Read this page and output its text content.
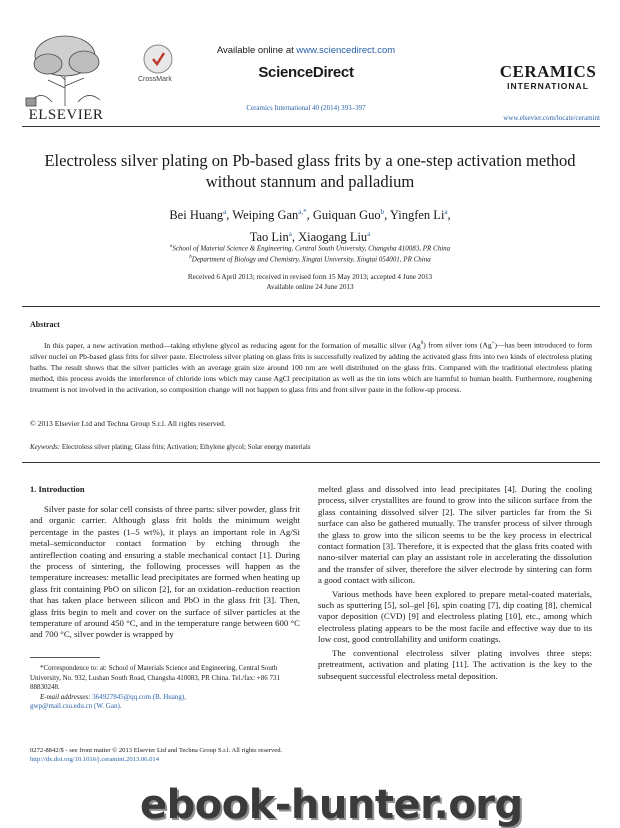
ELSEVIER
CrossMark
Available online at www.sciencedirect.com
ScienceDirect
Ceramics International 40 (2014) 393–397
CERAMICS
INTERNATIONAL
www.elsevier.com/locate/ceramint
Electroless silver plating on Pb-based glass frits by a one-step activation method without stannum and palladium
Bei Huang$^a$, Weiping Gan$^{a,*}$, Guiquan Guo$^b$, Yingfen Li$^a$,
Tao Lin$^a$, Xiaogang Liu$^a$
$^a$School of Material Science & Engineering, Central South University, Changsha 410083, PR China
$^b$Department of Biology and Chemistry, Xingtai University, Xingtai 054001, PR China
Received 6 April 2013; received in revised form 15 May 2013; accepted 4 June 2013
Available online 24 June 2013
Abstract
In this paper, a new activation method—taking ethylene glycol as reducing agent for the formation of metallic silver (Ag$^0$) from silver ions (Ag+)—has been introduced to form silver nuclei on Pb-based glass frits for silver paste. Electroless silver plating on glass frits is successfully realized by adding the activated glass frits into two kinds of electroless plating baths. The result shows that the silver particles with an average grain size around 100 nm are well distributed on the glass frits. Compared with the traditional electroless plating method, this process avoids the interference of chloride ions which may cause AgCl precipitation as well as the tin ions which are harmful to human health. Furthermore, roughening treatment is not involved in the activation, so composition change will not happen to glass frits and front silver paste in the follow-up process.
© 2013 Elsevier Ltd and Techna Group S.r.l. All rights reserved.
Keywords: Electroless silver plating; Glass frits; Activation; Ethylene glycol; Solar energy materials
1. Introduction

Silver paste for solar cell consists of three parts: silver powder, glass frit and organic carrier. Although glass frit holds the minimum weight percentage in the pastes (1–5 wt%), it plays an important role in Ag/Si metal–semiconductor contact formation by etching through the antireflection coating and ensuring a stable mechanical contact [1]. During the process of sintering, the following processes will happen as the temperature increases: metallic lead precipitates are formed when heating up glass frit containing PbO on silicon [2], for an oxidation–reduction reaction that has taken place between silicon and PbO in the glass frit [3]. Then, glass frits begin to melt and cover on the surface of silver particles at the temperature of around 450 °C, and in the temperature range between 600 °C and 700 °C, silver powder is wrapped by

melted glass and dissolved into lead precipitates [4]. During the cooling process, silver crystallites are found to grow into the silicon surface from the glass containing dissolved silver [2]. The silver particles far from the Si surface can also be gathered mutually. The transfer process of silver through the glass to grow into the silicon seems to be the key process in electrical contact formation [3]. Therefore, it is expected that the glass frits coated with nano-silver material can play an assistant role in accelerating the dissolution and the transfer of silver, therefore the silver electrode by sintering can form a good contact with silicon.

Various methods have been explored to prepare metal-coated materials, such as sputtering [5], sol–gel [6], spin coating [7], dip coating [8], chemical vapor deposition (CVD) [9] and electroless plating [10], etc., among which electroless plating appears to be the most facile and effective way due to its low cost, good controllability and uniform coatings.

The conventional electroless silver plating involves three steps: pretreatment, activation and plating [11]. The activation is the key to the subsequent successful electroless metal deposition.

*Correspondence to: at: School of Materials Science and Engineering, Central South University, No. 932, Lushan South Road, Changsha 410083, PR China. Tel./fax: +86 731 88830248.
E-mail addresses: 364927845@qq.com (B. Huang),
gwp@mail.csu.edu.cn (W. Gan).
0272-8842/$ - see front matter © 2013 Elsevier Ltd and Techna Group S.r.l. All rights reserved.
http://dx.doi.org/10.1016/j.ceramint.2013.06.014
ebook-hunter.org
